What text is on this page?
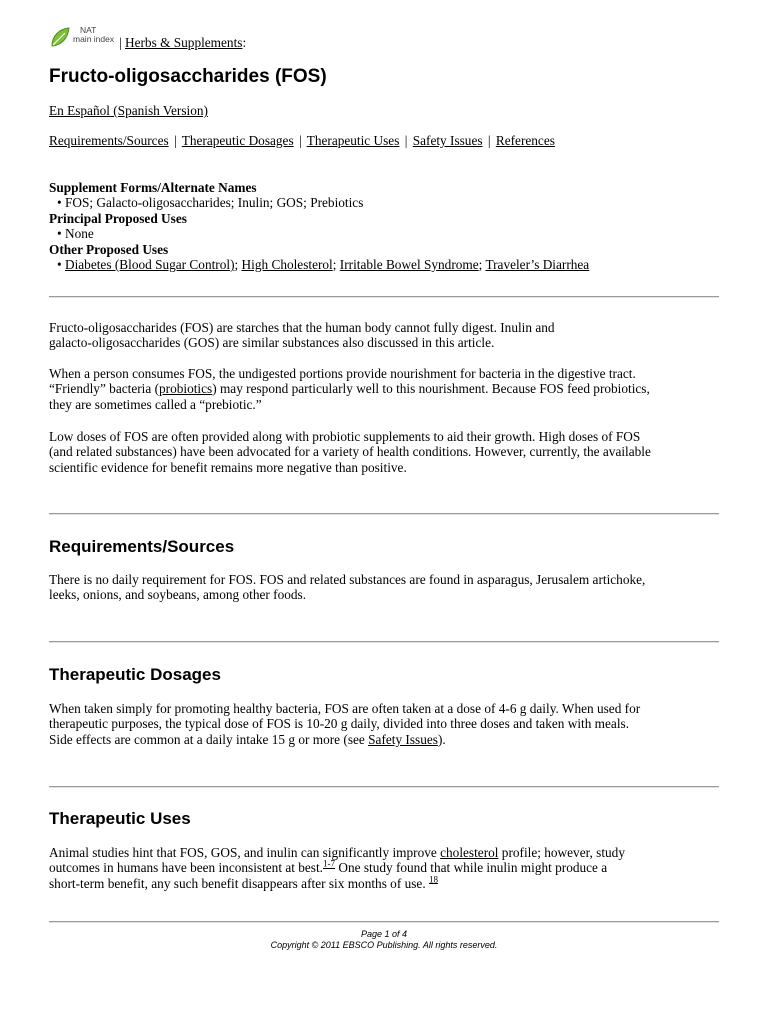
NAT
main index | Herbs & Supplements:
Fructo-oligosaccharides (FOS)
En Español (Spanish Version)
Requirements/Sources | Therapeutic Dosages | Therapeutic Uses | Safety Issues | References
Supplement Forms/Alternate Names
• FOS; Galacto-oligosaccharides; Inulin; GOS; Prebiotics
Principal Proposed Uses
• None
Other Proposed Uses
• Diabetes (Blood Sugar Control); High Cholesterol; Irritable Bowel Syndrome; Traveler’s Diarrhea
Fructo-oligosaccharides (FOS) are starches that the human body cannot fully digest. Inulin and
galacto-oligosaccharides (GOS) are similar substances also discussed in this article.
When a person consumes FOS, the undigested portions provide nourishment for bacteria in the digestive tract.
“Friendly” bacteria (probiotics) may respond particularly well to this nourishment. Because FOS feed probiotics,
they are sometimes called a “prebiotic.”
Low doses of FOS are often provided along with probiotic supplements to aid their growth. High doses of FOS
(and related substances) have been advocated for a variety of health conditions. However, currently, the available
scientific evidence for benefit remains more negative than positive.
Requirements/Sources
There is no daily requirement for FOS. FOS and related substances are found in asparagus, Jerusalem artichoke,
leeks, onions, and soybeans, among other foods.
Therapeutic Dosages
When taken simply for promoting healthy bacteria, FOS are often taken at a dose of 4-6 g daily. When used for
therapeutic purposes, the typical dose of FOS is 10-20 g daily, divided into three doses and taken with meals.
Side effects are common at a daily intake 15 g or more (see Safety Issues).
Therapeutic Uses
Animal studies hint that FOS, GOS, and inulin can significantly improve cholesterol profile; however, study
outcomes in humans have been inconsistent at best.$^{1-7}$ One study found that while inulin might produce a
short-term benefit, any such benefit disappears after six months of use. $^{18}$
Page 1 of 4
Copyright © 2011 EBSCO Publishing. All rights reserved.
